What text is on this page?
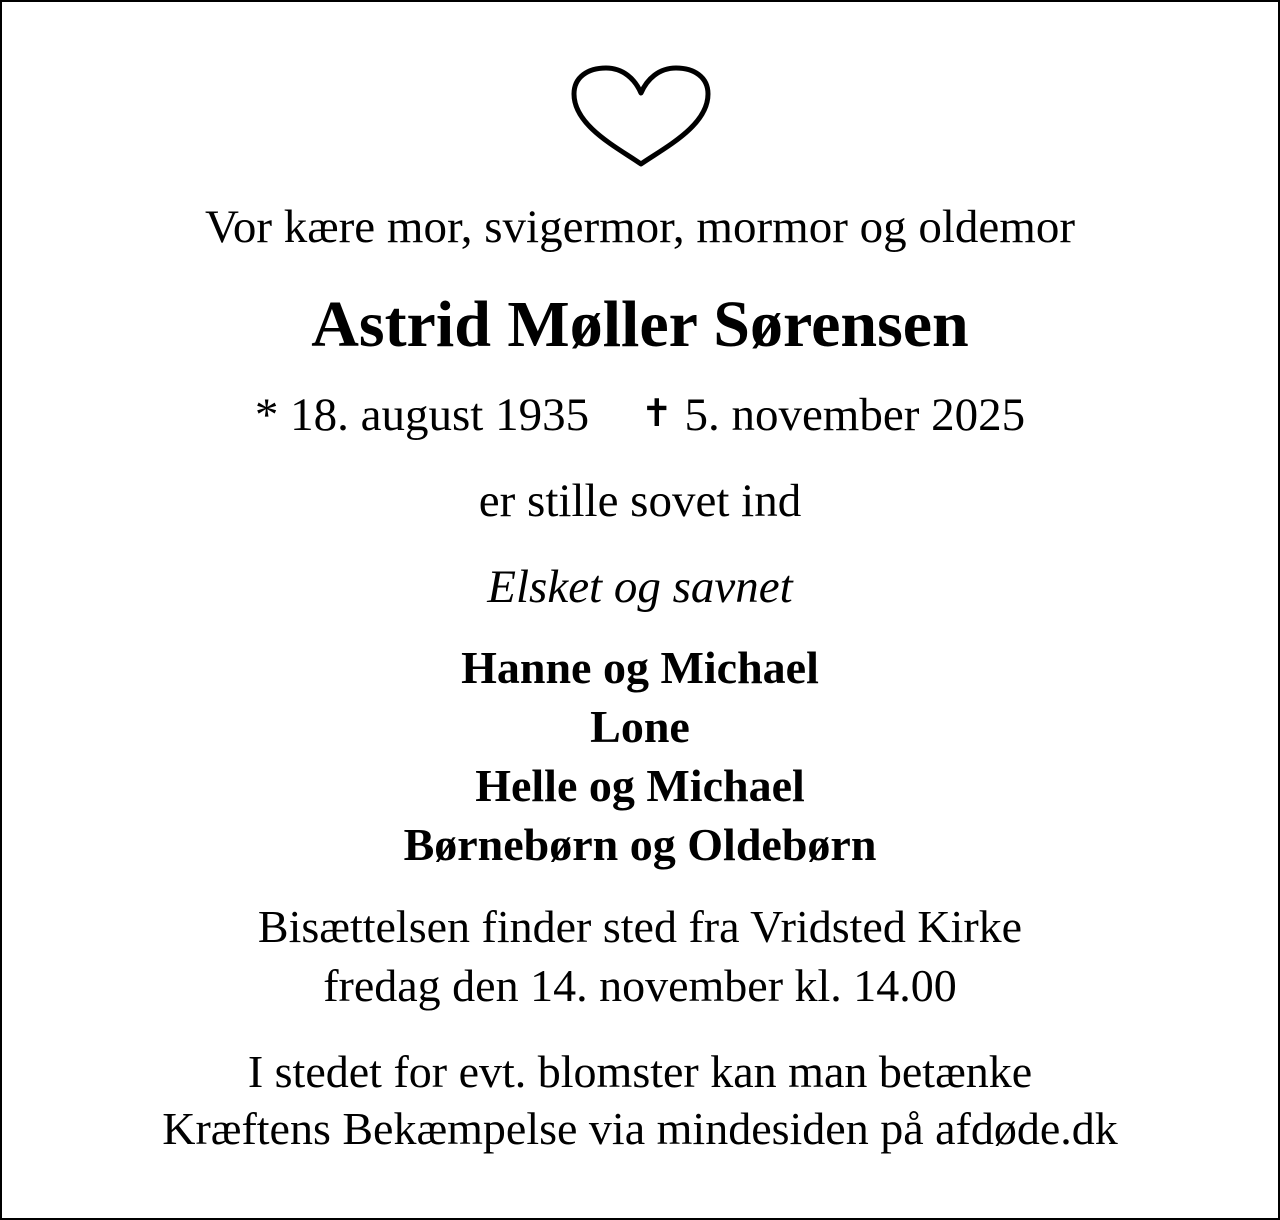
Vor kære mor, svigermor, mormor og oldemor
Astrid Møller Sørensen
* 18. august 1935 ✝ 5. november 2025
er stille sovet ind
Elsket og savnet
Hanne og Michael
Lone
Helle og Michael
Børnebørn og Oldebørn
Bisættelsen finder sted fra Vridsted Kirke
fredag den 14. november kl. 14.00
I stedet for evt. blomster kan man betænke
Kræftens Bekæmpelse via mindesiden på afdøde.dk
